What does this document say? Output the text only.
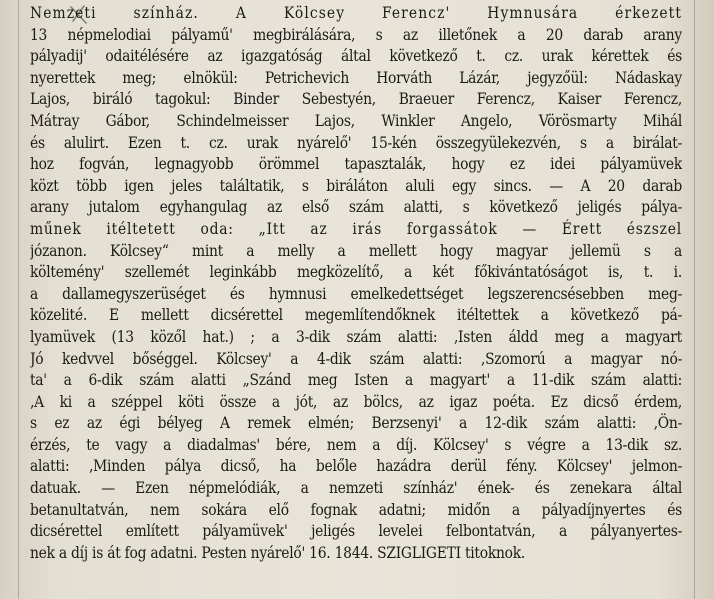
Nemzeti színház. A Kölcsey Ferencz' Hymnusára érkezett
13 népmelodiai pályamű' megbirálására, s az illetőnek a 20 darab arany
pályadij' odaitélésére az igazgatóság által következő t. cz. urak kérettek és
nyerettek meg; elnökül: Petrichevich Horváth Lázár, jegyzőül: Nádaskay
Lajos, biráló tagokul: Binder Sebestyén, Braeuer Ferencz, Kaiser Ferencz,
Mátray Gábor, Schindelmeisser Lajos, Winkler Angelo, Vörösmarty Mihál
és alulirt. Ezen t. cz. urak nyárelő' 15-kén összegyülekezvén, s a birálat-
hoz fogván, legnagyobb örömmel tapasztalák, hogy ez idei pályamüvek
közt több igen jeles találtatik, s biráláton aluli egy sincs. — A 20 darab
arany jutalom egyhangulag az első szám alatti, s következő jeligés pálya-
műnek itéltetett oda: „Itt az irás forgassátok — Érett észszel
józanon. Kölcsey“ mint a melly a mellett hogy magyar jellemü s a
költemény' szellemét leginkább megközelítő, a két főkivántatóságot is, t. i.
a dallamegyszerüséget és hymnusi emelkedettséget legszerencsésebben meg-
közelité. E mellett dicsérettel megemlítendőknek itéltettek a következő pá-
lyamüvek (13 közől hat.) ; a 3-dik szám alatti: ‚Isten áldd meg a magyart
Jó kedvvel bőséggel. Kölcsey' a 4-dik szám alatti: ‚Szomorú a magyar nó-
ta' a 6-dik szám alatti „Szánd meg Isten a magyart' a 11-dik szám alatti:
‚A ki a széppel köti össze a jót, az bölcs, az igaz poéta. Ez dicső érdem,
s ez az égi bélyeg A remek elmén; Berzsenyi' a 12-dik szám alatti: ‚Ön-
érzés, te vagy a diadalmas' bére, nem a díj. Kölcsey' s végre a 13-dik sz.
alatti: ‚Minden pálya dicső, ha belőle hazádra derül fény. Kölcsey' jelmon-
datuak. — Ezen népmelódiák, a nemzeti színház' ének- és zenekara által
betanultatván, nem sokára elő fognak adatni; midőn a pályadíjnyertes és
dicsérettel említett pályamüvek' jeligés levelei felbontatván, a pályanyertes-
nek a díj is át fog adatni. Pesten nyárelő' 16. 1844. SZIGLIGETI titoknok.
